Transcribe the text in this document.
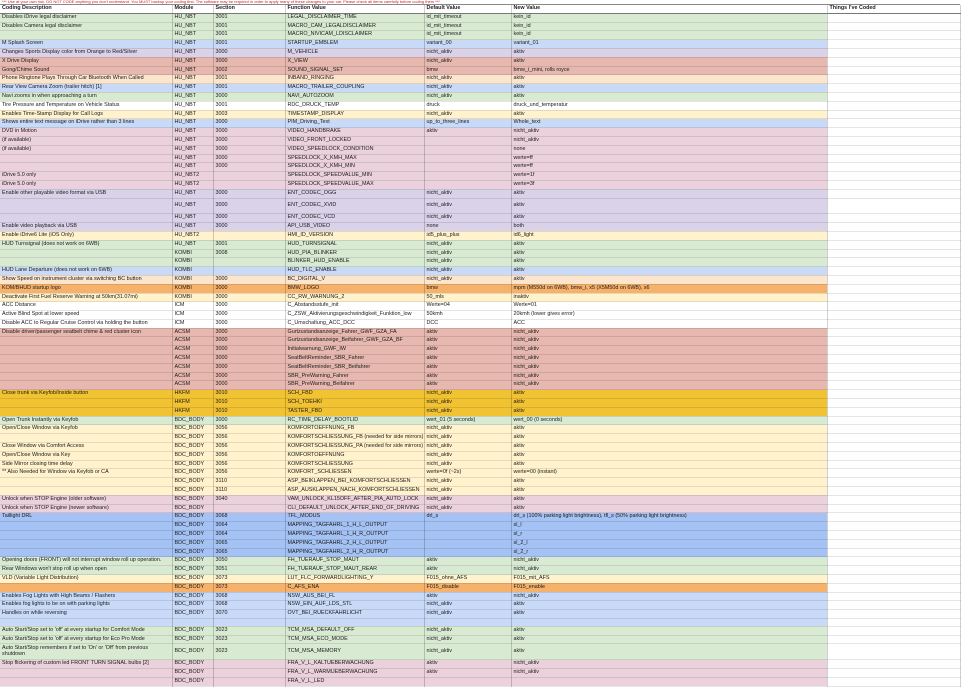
*** Use at your own risk. DO NOT CODE anything you don't understand. You MUST backup your coding first. The software may be required in order to apply many of these changes to your car. Please check all items carefully before coding them ***
Coding Description	Module	Section	Function Value	Default Value	New Value	Things I've Coded
Disables iDrive legal disclaimer	HU_NBT	3001	LEGAL_DISCLAIMER_TIME	id_mit_timeout	kein_id	
Disables Camera legal disclaimer	HU_NBT	3001	MACRO_CAM_LEGALDISCLAIMER	id_mit_timeout	kein_id	
	HU_NBT	3001	MACRO_NIVICAM_LDISCLAIMER	id_mit_timeout	kein_id	
M Splash Screen	HU_NBT	3001	STARTUP_EMBLEM	variant_00	variant_01	
Changes Sports Display color from Orange to Red/Silver	HU_NBT	3000	M_VEHICLE	nicht_aktiv	aktiv	
X Drive Display	HU_NBT	3000	X_VIEW	nicht_aktiv	aktiv	
Gong/Chime Sound	HU_NBT	3002	SOUND_SIGNAL_SET	bmw	bmw_i_mini, rolls royce	
Phone Ringtone Plays Through Car Bluetooth When Called	HU_NBT	3001	INBAND_RINGING	nicht_aktiv	aktiv	
Rear View Camera Zoom (trailer hitch) [1]	HU_NBT	3001	MACRO_TRAILER_COUPLING	nicht_aktiv	aktiv	
Navi zooms in when approaching a turn	HU_NBT	3000	NAVI_AUTOZOOM	nicht_aktiv	aktiv	
Tire Pressure and Temperature on Vehicle Status	HU_NBT	3001	RDC_DRUCK_TEMP	druck	druck_und_temperatur	
Enables Time-Stamp Display for Call Logs	HU_NBT	3003	TIMESTAMP_DISPLAY	nicht_aktiv	aktiv	
Shows entire text message on iDrive rather than 3 lines	HU_NBT	3000	PIM_Driving_Text	up_to_three_lines	Whole_text	
DVD in Motion	HU_NBT	3000	VIDEO_HANDBRAKE	aktiv	nicht_aktiv	
(if available)	HU_NBT	3000	VIDEO_FRONT_LOCKED		nicht_aktiv	
(if available)	HU_NBT	3000	VIDEO_SPEEDLOCK_CONDITION		none	
	HU_NBT	3000	SPEEDLOCK_X_KMH_MAX		werte=ff	
	HU_NBT	3000	SPEEDLOCK_X_KMH_MIN		werte=ff	
iDrive 5.0 only	HU_NBT2		SPEEDLOCK_SPEEDVALUE_MIN		werte=1f	
iDrive 5.0 only	HU_NBT2		SPEEDLOCK_SPEEDVALUE_MAX		werte=3f	
Enable other playable video format via USB	HU_NBT	3000	ENT_CODEC_OGG	nicht_aktiv	aktiv	
	HU_NBT	3000	ENT_CODEC_XVID	nicht_aktiv	aktiv	
	HU_NBT	3000	ENT_CODEC_VCD	nicht_aktiv	aktiv	
Enable video playback via USB	HU_NBT	3000	API_USB_VIDEO	none	both	
Enable iDrive6 Lite (iOS Only)	HU_NBT2		HMI_ID_VERSION	id5_plus_plus	id6_light	
HUD Turnsignal (does not work on 6WB)	HU_NBT	3001	HUD_TURNSIGNAL	nicht_aktiv	aktiv	
	KOMBI	3008	HUD_PIA_BLINKER	nicht_aktiv	aktiv	
	KOMBI		BLINKER_HUD_ENABLE	nicht_aktiv	aktiv	
HUD Lane Departure (does not work on 6WB)	KOMBI		HUD_TLC_ENABLE	nicht_aktiv	aktiv	
Show Speed on instrument cluster via switching BC button	KOMBI	3000	BC_DIGITAL_V	nicht_aktiv	aktiv	
KOM/BHUD startup logo	KOMBI	3000	BMW_LOGO	bmw	mpm (M550d on 6WB), bmw_i, x5 (X5M50d on 6WB), x6	
Deactivate First Fuel Reserve Warning at 50km(31.07mi)	KOMBI	3000	CC_RW_WARNUNG_2	50_mls	inaktiv	
ACC Distance	ICM	3000	C_Abstandsstufe_init	Werte=04	Werte=01	
Active Blind Spot at lower speed	ICM	3000	C_ZSW_Aktivierungsgeschwindigkeit_Funktion_low	50kmh	20kmh (lower gives error)	
Disable ACC to Regular Cruise Control via holding the button	ICM	3000	C_Umschaltung_ACC_DCC	DCC	ACC	
Disable driver/passenger seatbelt chime & red cluster icon	ACSM	3000	Gurtzustandsanzeige_Fahrer_GWF_GZA_FA	aktiv	nicht_aktiv	
	ACSM	3000	Gurtzustandsanzeige_Beifahrer_GWF_GZA_BF	aktiv	nicht_aktiv	
	ACSM	3000	Initialwarnung_GWF_IW	aktiv	nicht_aktiv	
	ACSM	3000	SeatBeltReminder_SBR_Fahrer	aktiv	nicht_aktiv	
	ACSM	3000	SeatBeltReminder_SBR_Beifahrer	aktiv	nicht_aktiv	
	ACSM	3000	SBR_PreWarning_Fahrer	aktiv	nicht_aktiv	
	ACSM	3000	SBR_PreWarning_Beifahrer	aktiv	nicht_aktiv	
Close trunk via Keyfob/Inside button	HKFM	3010	SCH_FBD	nicht_aktiv	aktiv	
	HKFM	3010	SCH_TOEHKI	nicht_aktiv	aktiv	
	HKFM	3010	TASTER_FBD	nicht_aktiv	aktiv	
Open Trunk Instantly via Keyfob	BDC_BODY	3000	RC_TIME_DELAY_BOOTLID	wert_01 (5 seconds)	wert_00 (0 seconds)	
Open/Close Window via Keyfob	BDC_BODY	3056	KOMFORTOEFFNUNG_FB	nicht_aktiv	aktiv	
	BDC_BODY	3056	KOMFORTSCHLIESSUNG_FB (needed for side mirrors)	nicht_aktiv	aktiv	
Close Window via Comfort Access	BDC_BODY	3056	KOMFORTSCHLIESSUNG_PA (needed for side mirrors)	nicht_aktiv	aktiv	
Open/Close Window via Key	BDC_BODY	3056	KOMFORTOEFFNUNG	nicht_aktiv	aktiv	
Side Mirror closing time delay	BDC_BODY	3056	KOMFORTSCHLIESSUNG	nicht_aktiv	aktiv	
** Also Needed for Window via Keyfob or CA	BDC_BODY	3056	KOMFORT_SCHLIESSEN	werte=0f (~2s)	werte=00 (instant)	
	BDC_BODY	3110	ASP_BEIKLAPPEN_BEI_KOMFORTSCHLIESSEN	nicht_aktiv	aktiv	
	BDC_BODY	3110	ASP_AUSKLAPPEN_NACH_KOMFORTSCHLIESSEN	nicht_aktiv	aktiv	
Unlock when STOP Engine (older software)	BDC_BODY	3040	VAM_UNLOCK_KL15OFF_AFTER_PIA_AUTO_LOCK	nicht_aktiv	aktiv	
Unlock when STOP Engine (newer software)	BDC_BODY		CLI_DEFAULT_UNLOCK_AFTER_END_OF_DRIVING	nicht_aktiv	aktiv	
Taillight DRL	BDC_BODY	3068	TFL_MODUS	drl_s	drl_s (100% parking light brightness), tfl_s (50% parking light brightness)	
	BDC_BODY	3064	MAPPING_TAGFAHRL_1_H_L_OUTPUT		sl_l	
	BDC_BODY	3064	MAPPING_TAGFAHRL_1_H_R_OUTPUT		sl_r	
	BDC_BODY	3065	MAPPING_TAGFAHRL_2_H_L_OUTPUT		sl_2_l	
	BDC_BODY	3065	MAPPING_TAGFAHRL_2_H_R_OUTPUT		sl_2_r	
Opening doors (FRONT) will not interrupt window roll up operation.	BDC_BODY	3050	FH_TUERAUF_STOP_MAUT	aktiv	nicht_aktiv	
Rear Windows won't stop roll up when open	BDC_BODY	3051	FH_TUERAUF_STOP_MAUT_REAR	aktiv	nicht_aktiv	
VLD (Variable Light Distribution)	BDC_BODY	3073	LUT_FLC_FORWARDLIGHTING_Y	F015_ohne_AFS	F015_mit_AFS	
	BDC_BODY	3073	C_AFS_ENA	F015_disable	F015_enable	
Enables Fog Lights with High Beams / Flashers	BDC_BODY	3068	NSW_AUS_BEI_FL	aktiv	nicht_aktiv	
Enables fog lights to be on with parking lights	BDC_BODY	3068	NSW_EIN_AUF_LDS_STL	nicht_aktiv	aktiv	
Handles on while reversing	BDC_BODY	3070	OVT_BEI_RUECKFAHRLICHT	nicht_aktiv	aktiv	

Auto Start/Stop set to 'off' at every startup for Comfort Mode	BDC_BODY	3023	TCM_MSA_DEFAULT_OFF	nicht_aktiv	aktiv	
Auto Start/Stop set to 'off' at every startup for Eco Pro Mode	BDC_BODY	3023	TCM_MSA_ECO_MODE	nicht_aktiv	aktiv	
Auto Start/Stop remembers if set to 'On' or 'Off' from previous shutdown	BDC_BODY	3023	TCM_MSA_MEMORY	nicht_aktiv	aktiv	
Stop flickering of custom led FRONT TURN SIGNAL bulbs [2]	BDC_BODY		FRA_V_L_KALTUEBERWACHUNG	aktiv	nicht_aktiv	
	BDC_BODY		FRA_V_L_WARMUEBERWACHUNG	aktiv	nicht_aktiv	
	BDC_BODY		FRA_V_L_LED			
